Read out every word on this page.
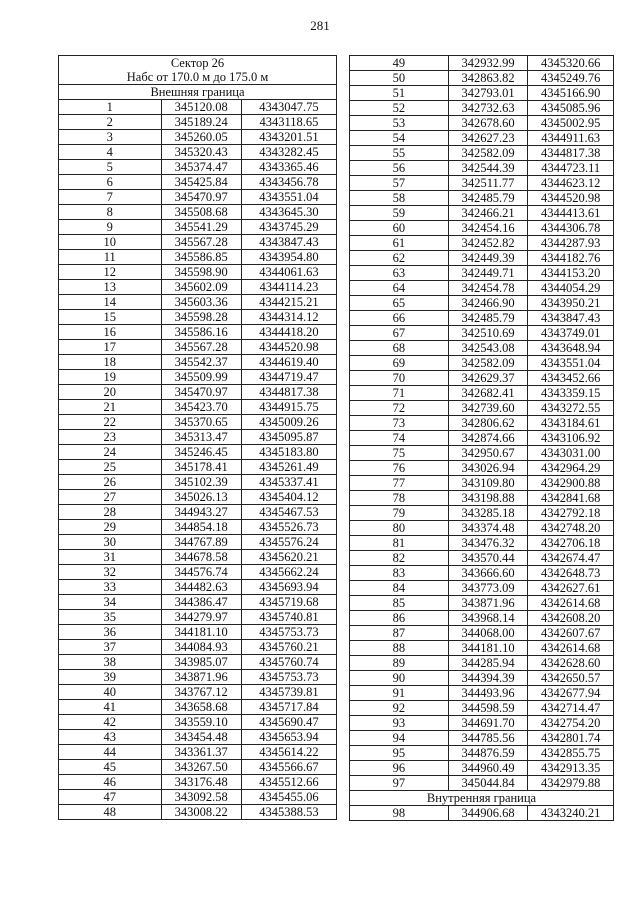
281
Сектор 26
Набс от 170.0 м до 175.0 м		
Внешняя граница		
1	345120.08	4343047.75
2	345189.24	4343118.65
3	345260.05	4343201.51
4	345320.43	4343282.45
5	345374.47	4343365.46
6	345425.84	4343456.78
7	345470.97	4343551.04
8	345508.68	4343645.30
9	345541.29	4343745.29
10	345567.28	4343847.43
11	345586.85	4343954.80
12	345598.90	4344061.63
13	345602.09	4344114.23
14	345603.36	4344215.21
15	345598.28	4344314.12
16	345586.16	4344418.20
17	345567.28	4344520.98
18	345542.37	4344619.40
19	345509.99	4344719.47
20	345470.97	4344817.38
21	345423.70	4344915.75
22	345370.65	4345009.26
23	345313.47	4345095.87
24	345246.45	4345183.80
25	345178.41	4345261.49
26	345102.39	4345337.41
27	345026.13	4345404.12
28	344943.27	4345467.53
29	344854.18	4345526.73
30	344767.89	4345576.24
31	344678.58	4345620.21
32	344576.74	4345662.24
33	344482.63	4345693.94
34	344386.47	4345719.68
35	344279.97	4345740.81
36	344181.10	4345753.73
37	344084.93	4345760.21
38	343985.07	4345760.74
39	343871.96	4345753.73
40	343767.12	4345739.81
41	343658.68	4345717.84
42	343559.10	4345690.47
43	343454.48	4345653.94
44	343361.37	4345614.22
45	343267.50	4345566.67
46	343176.48	4345512.66
47	343092.58	4345455.06
48	343008.22	4345388.53
49	342932.99	4345320.66
50	342863.82	4345249.76
51	342793.01	4345166.90
52	342732.63	4345085.96
53	342678.60	4345002.95
54	342627.23	4344911.63
55	342582.09	4344817.38
56	342544.39	4344723.11
57	342511.77	4344623.12
58	342485.79	4344520.98
59	342466.21	4344413.61
60	342454.16	4344306.78
61	342452.82	4344287.93
62	342449.39	4344182.76
63	342449.71	4344153.20
64	342454.78	4344054.29
65	342466.90	4343950.21
66	342485.79	4343847.43
67	342510.69	4343749.01
68	342543.08	4343648.94
69	342582.09	4343551.04
70	342629.37	4343452.66
71	342682.41	4343359.15
72	342739.60	4343272.55
73	342806.62	4343184.61
74	342874.66	4343106.92
75	342950.67	4343031.00
76	343026.94	4342964.29
77	343109.80	4342900.88
78	343198.88	4342841.68
79	343285.18	4342792.18
80	343374.48	4342748.20
81	343476.32	4342706.18
82	343570.44	4342674.47
83	343666.60	4342648.73
84	343773.09	4342627.61
85	343871.96	4342614.68
86	343968.14	4342608.20
87	344068.00	4342607.67
88	344181.10	4342614.68
89	344285.94	4342628.60
90	344394.39	4342650.57
91	344493.96	4342677.94
92	344598.59	4342714.47
93	344691.70	4342754.20
94	344785.56	4342801.74
95	344876.59	4342855.75
96	344960.49	4342913.35
97	345044.84	4342979.88
Внутренняя граница		
98	344906.68	4343240.21
